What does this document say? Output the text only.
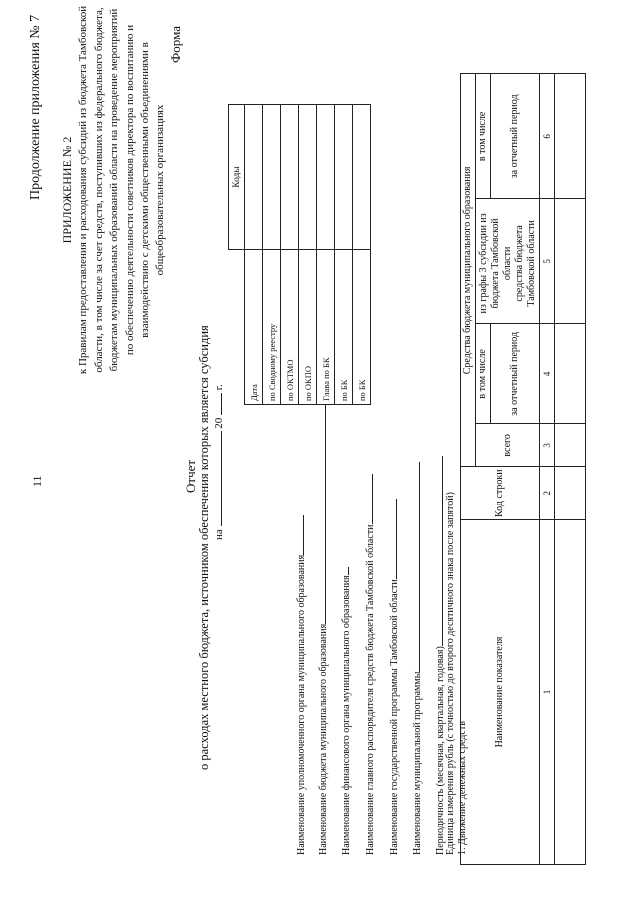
11
Продолжение приложения № 7 ПРИЛОЖЕНИЕ № 2 к Правилам предоставления и расходования субсидий из бюджета Тамбовской области, в том числе за счет средств, поступивших из федерального бюджета, бюджетам муниципальных образований области на проведение мероприятий по обеспечению деятельности советников директора по воспитанию и взаимодействию с детскими общественными объединениями в общеобразовательных организациях
Форма
	Коды
Дата	
по Сводному реестру	
по ОКТМО	
по ОКПО	
Глава по БК	
по БК	
по БК	
Отчет о расходах местного бюджета, источником обеспечения которых является субсидия на  20  г.
Наименование уполномоченного органа муниципального образования Наименование бюджета муниципального образования Наименование финансового органа муниципального образования Наименование главного распорядителя средств бюджета Тамбовской области Наименование государственной программы Тамбовской области Наименование муниципальной программы Периодичность (месячная, квартальная, годовая) Единица измерения рубль (с точностью до второго десятичного знака после запятой) 1. Движение денежных средств
Наименование показателя	Код строки	Средства бюджета муниципального образования			
		всего	в том числе	из графы 3 субсидии из бюджета Тамбовской области средства бюджета Тамбовской области	в том числе
			за отчетный период		за отчетный период
1	2	3	4	5	6
